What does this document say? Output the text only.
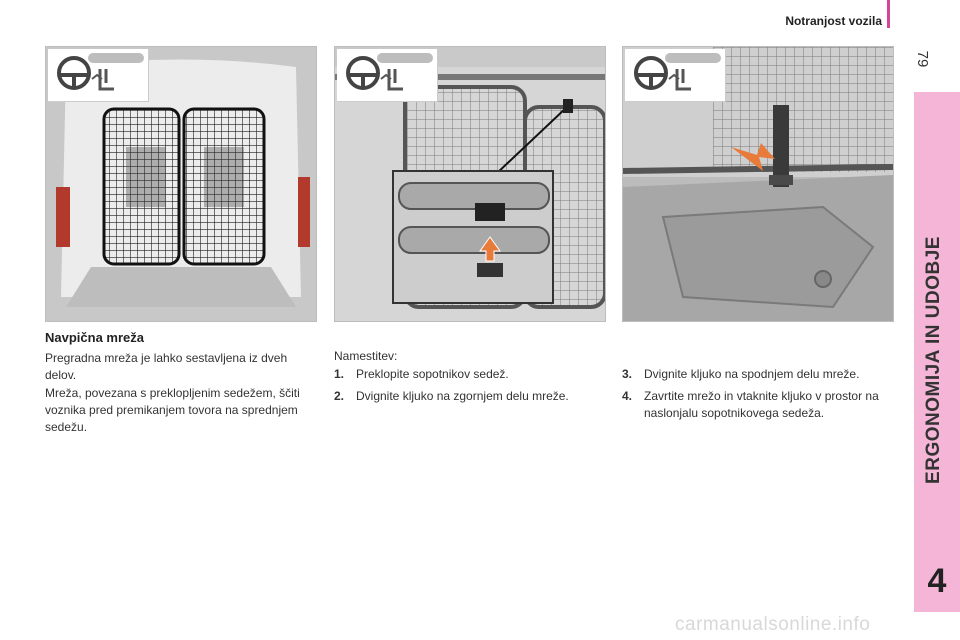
Notranjost vozila
79
ERGONOMIJA IN UDOBJE
4
Navpična mreža

Pregradna mreža je lahko sestavljena iz dveh delov.

Mreža, povezana s preklopljenim sedežem, ščiti voznika pred premikanjem tovora na sprednjem sedežu.

Namestitev:
1. Preklopite sopotnikov sedež.
2. Dvignite kljuko na zgornjem delu mreže.
3. Dvignite kljuko na spodnjem delu mreže.
4. Zavrtite mrežo in vtaknite kljuko v prostor na naslonjalu sopotnikovega sedeža.
carmanualsonline.info
